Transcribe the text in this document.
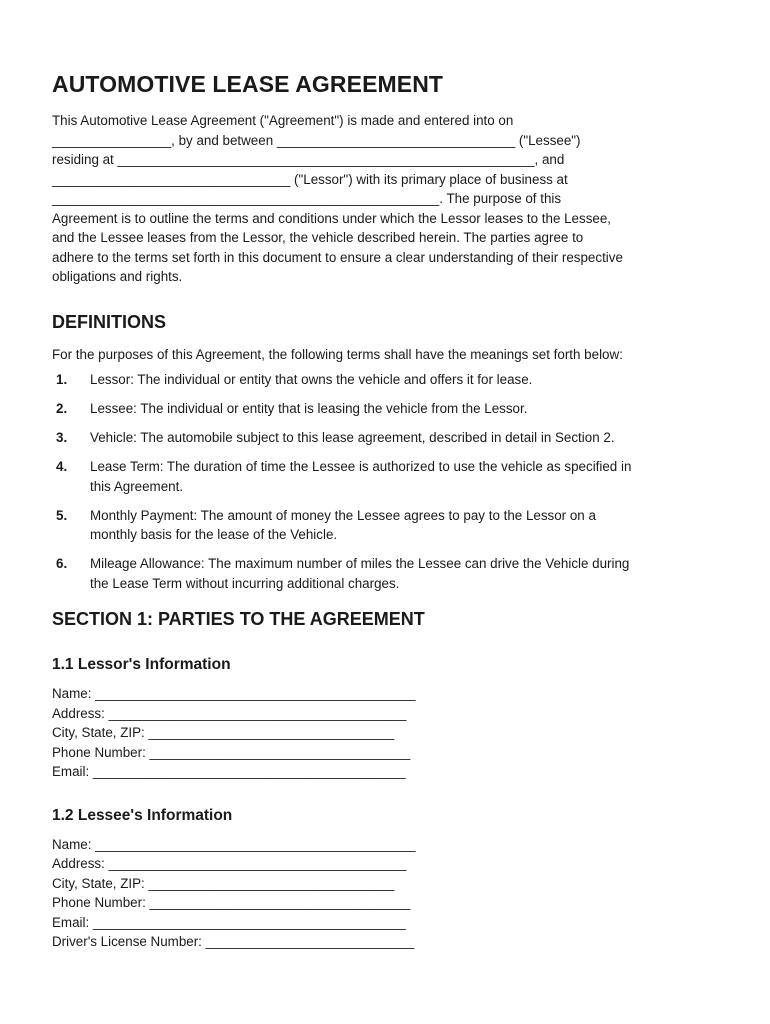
AUTOMOTIVE LEASE AGREEMENT
This Automotive Lease Agreement ("Agreement") is made and entered into on
________________, by and between ________________________________ ("Lessee")
residing at ________________________________________________________, and
________________________________ ("Lessor") with its primary place of business at
____________________________________________________. The purpose of this
Agreement is to outline the terms and conditions under which the Lessor leases to the Lessee,
and the Lessee leases from the Lessor, the vehicle described herein. The parties agree to
adhere to the terms set forth in this document to ensure a clear understanding of their respective
obligations and rights.
DEFINITIONS

For the purposes of this Agreement, the following terms shall have the meanings set forth below:

1. Lessor: The individual or entity that owns the vehicle and offers it for lease.
2. Lessee: The individual or entity that is leasing the vehicle from the Lessor.
3. Vehicle: The automobile subject to this lease agreement, described in detail in Section 2.
4. Lease Term: The duration of time the Lessee is authorized to use the vehicle as specified in
this Agreement.
5. Monthly Payment: The amount of money the Lessee agrees to pay to the Lessor on a
monthly basis for the lease of the Vehicle.
6. Mileage Allowance: The maximum number of miles the Lessee can drive the Vehicle during
the Lease Term without incurring additional charges.
SECTION 1: PARTIES TO THE AGREEMENT
1.1 Lessor's Information
Name: ___________________________________________
Address: ________________________________________
City, State, ZIP: _________________________________
Phone Number: ___________________________________
Email: __________________________________________
1.2 Lessee's Information
Name: ___________________________________________
Address: ________________________________________
City, State, ZIP: _________________________________
Phone Number: ___________________________________
Email: __________________________________________
Driver's License Number: ____________________________
